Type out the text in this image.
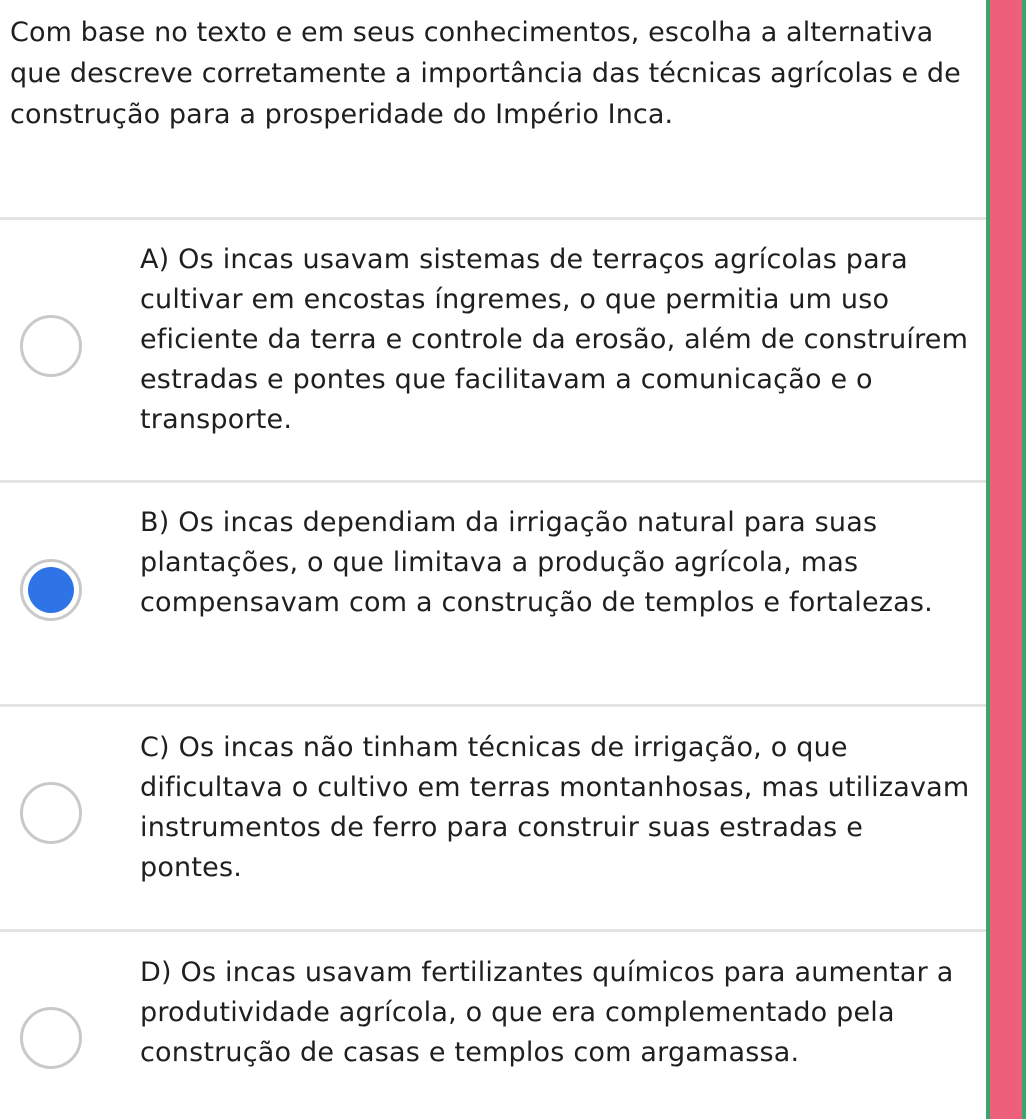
Com base no texto e em seus conhecimentos, escolha a alternativa que descreve corretamente a importância das técnicas agrícolas e de construção para a prosperidade do Império Inca.

A) Os incas usavam sistemas de terraços agrícolas para cultivar em encostas íngremes, o que permitia um uso eficiente da terra e controle da erosão, além de construírem estradas e pontes que facilitavam a comunicação e o transporte.
B) Os incas dependiam da irrigação natural para suas plantações, o que limitava a produção agrícola, mas compensavam com a construção de templos e fortalezas.
C) Os incas não tinham técnicas de irrigação, o que dificultava o cultivo em terras montanhosas, mas utilizavam instrumentos de ferro para construir suas estradas e pontes.
D) Os incas usavam fertilizantes químicos para aumentar a produtividade agrícola, o que era complementado pela construção de casas e templos com argamassa.
